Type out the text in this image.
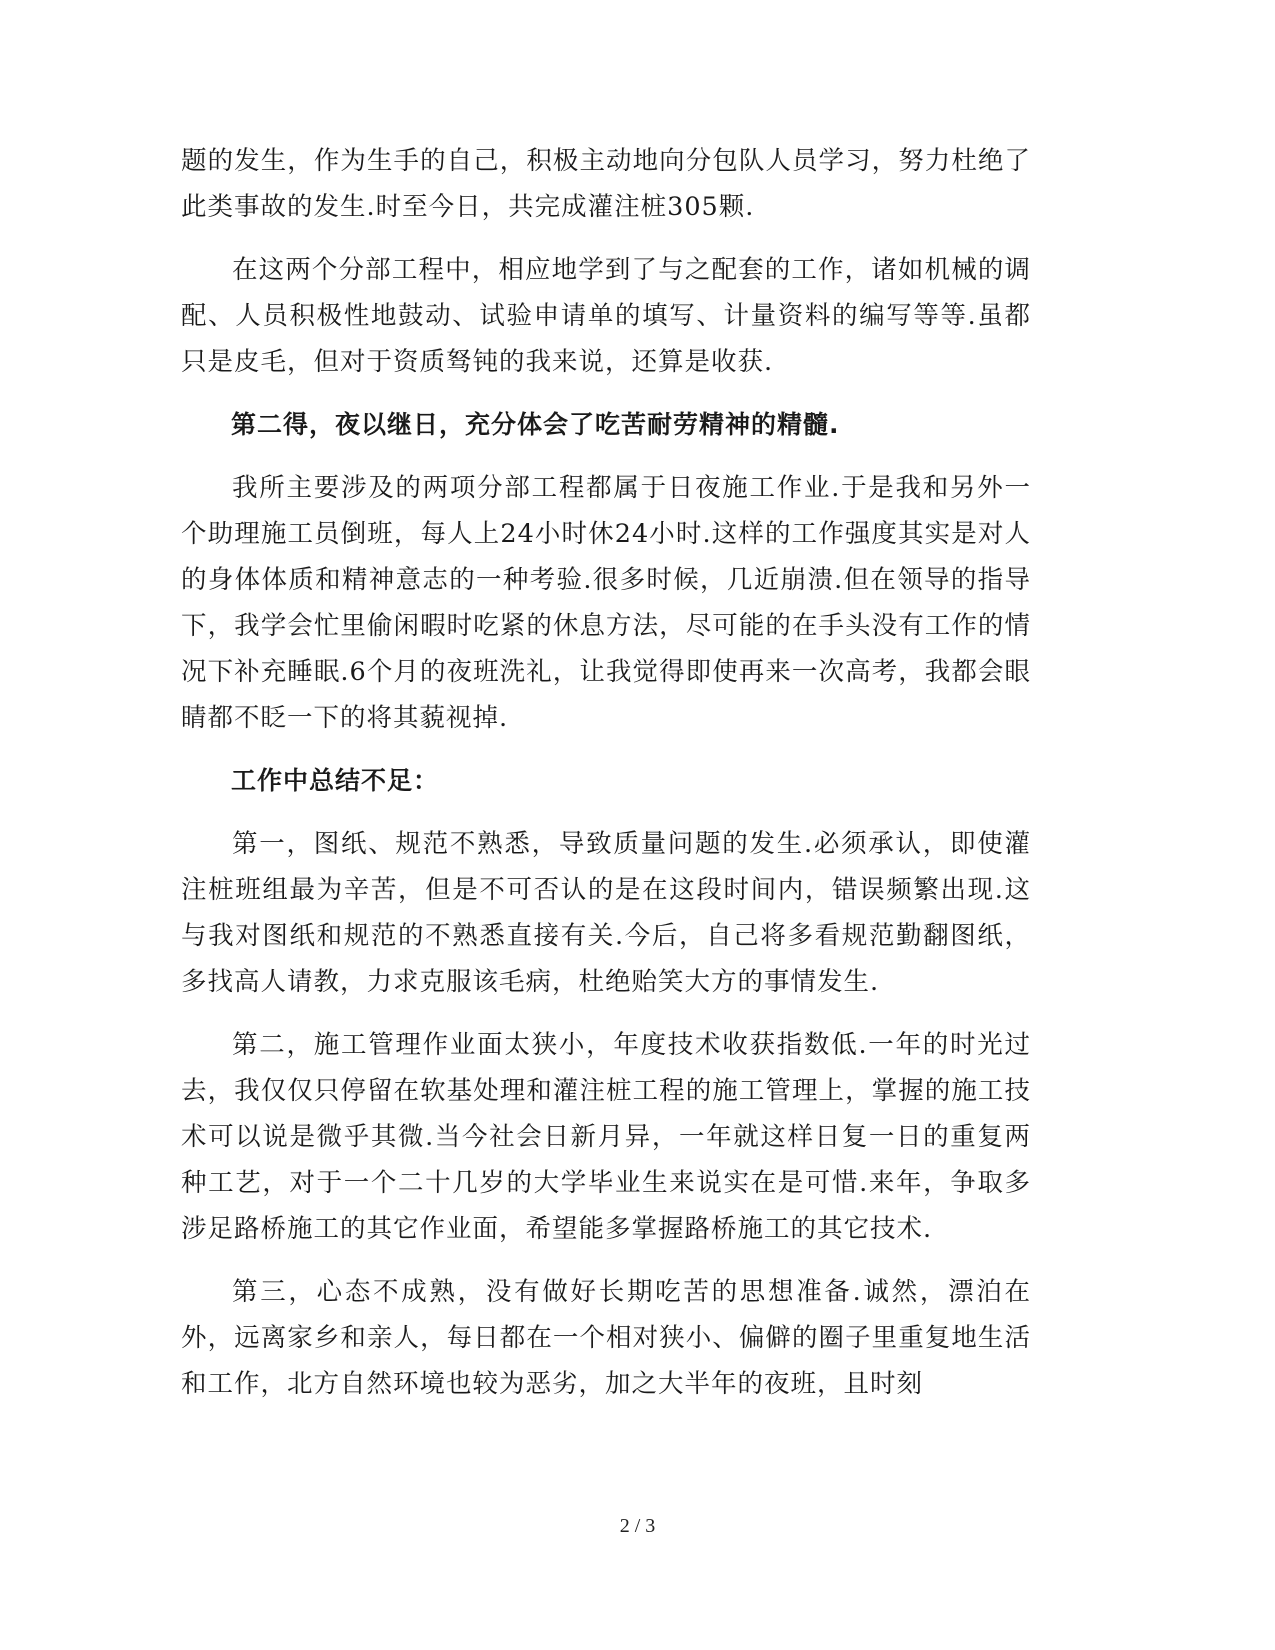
题的发生，作为生手的自己，积极主动地向分包队人员学习，努力杜绝了此类事故的发生.时至今日，共完成灌注桩305颗.

在这两个分部工程中，相应地学到了与之配套的工作，诸如机械的调配、人员积极性地鼓动、试验申请单的填写、计量资料的编写等等.虽都只是皮毛，但对于资质驽钝的我来说，还算是收获.

第二得，夜以继日，充分体会了吃苦耐劳精神的精髓.

我所主要涉及的两项分部工程都属于日夜施工作业.于是我和另外一个助理施工员倒班，每人上24小时休24小时.这样的工作强度其实是对人的身体体质和精神意志的一种考验.很多时候，几近崩溃.但在领导的指导下，我学会忙里偷闲暇时吃紧的休息方法，尽可能的在手头没有工作的情况下补充睡眠.6个月的夜班洗礼，让我觉得即使再来一次高考，我都会眼睛都不眨一下的将其藐视掉.

工作中总结不足：

第一，图纸、规范不熟悉，导致质量问题的发生.必须承认，即使灌注桩班组最为辛苦，但是不可否认的是在这段时间内，错误频繁出现.这与我对图纸和规范的不熟悉直接有关.今后，自己将多看规范勤翻图纸，多找高人请教，力求克服该毛病，杜绝贻笑大方的事情发生.

第二，施工管理作业面太狭小，年度技术收获指数低.一年的时光过去，我仅仅只停留在软基处理和灌注桩工程的施工管理上，掌握的施工技术可以说是微乎其微.当今社会日新月异，一年就这样日复一日的重复两种工艺，对于一个二十几岁的大学毕业生来说实在是可惜.来年，争取多涉足路桥施工的其它作业面，希望能多掌握路桥施工的其它技术.

第三，心态不成熟，没有做好长期吃苦的思想准备.诚然，漂泊在外，远离家乡和亲人，每日都在一个相对狭小、偏僻的圈子里重复地生活和工作，北方自然环境也较为恶劣，加之大半年的夜班，且时刻

2 / 3
